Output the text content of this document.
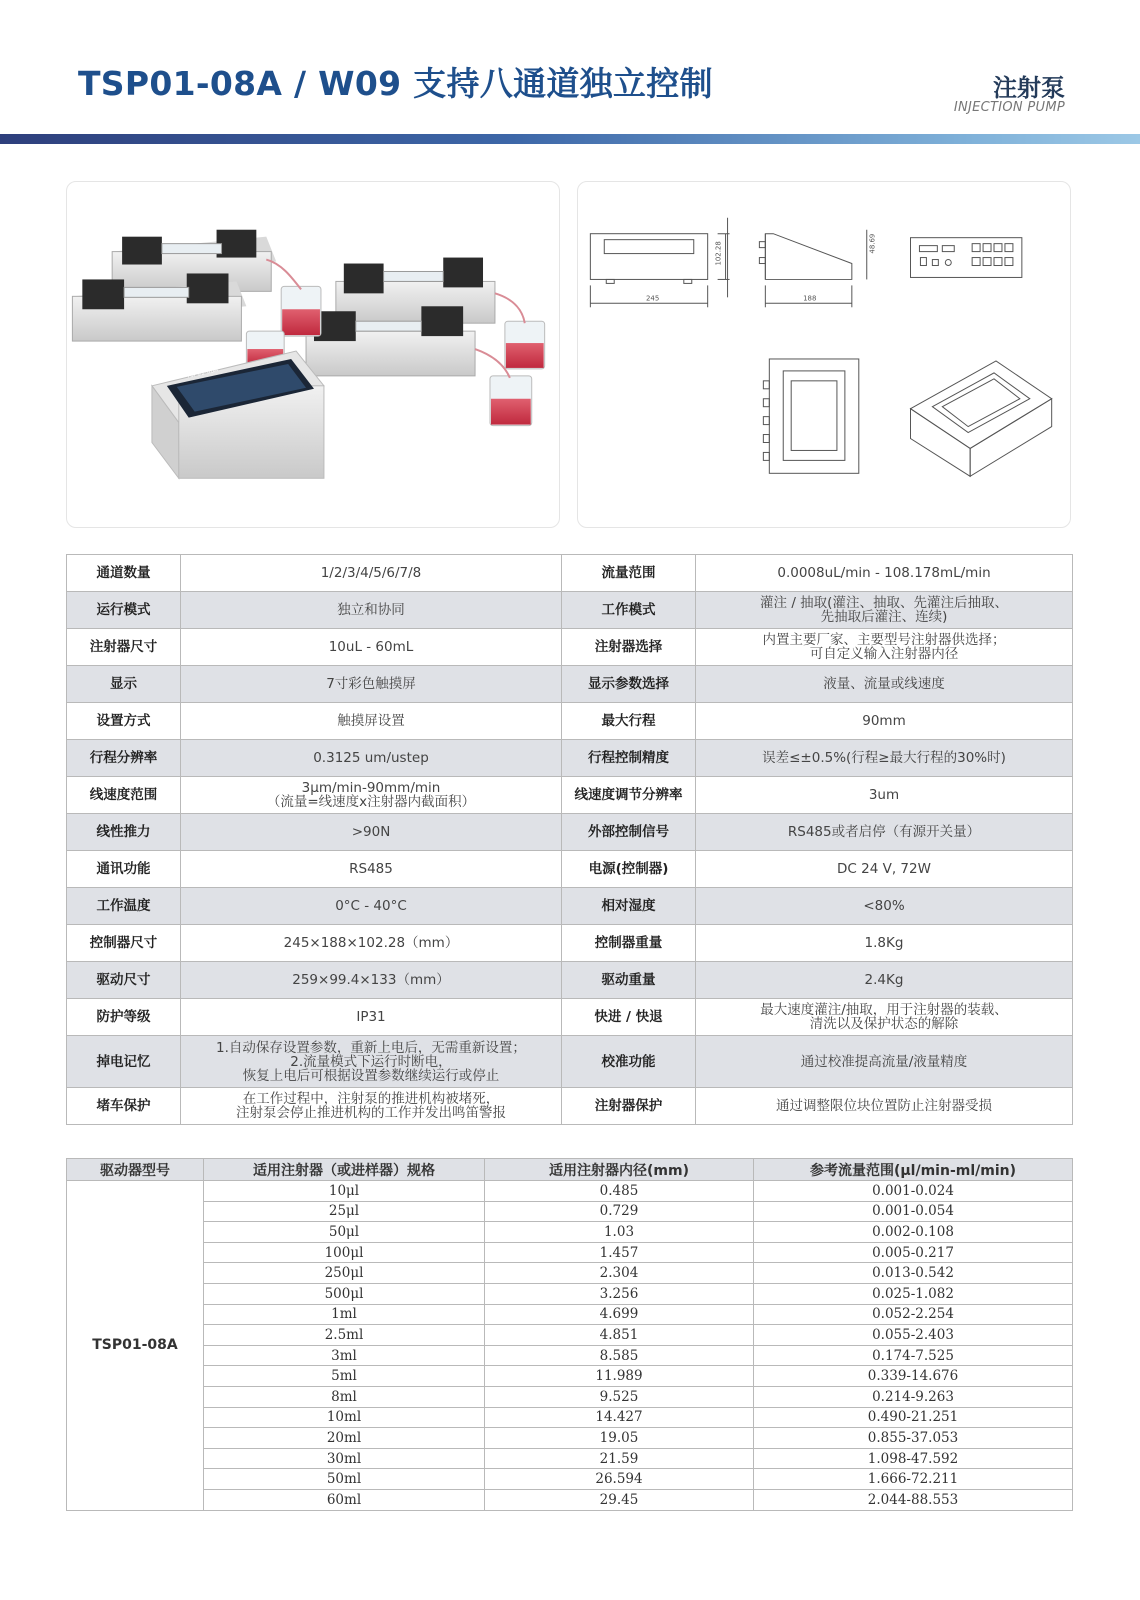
TSP01-08A / W09 支持八通道独立控制	注射泵
INJECTION PUMP
TSP01-08A
245
102.28
188
48.69
通道数量	1/2/3/4/5/6/7/8	流量范围	0.0008uL/min - 108.178mL/min
运行模式	独立和协同	工作模式	灌注 / 抽取(灌注、抽取、先灌注后抽取、
先抽取后灌注、连续)
注射器尺寸	10uL - 60mL	注射器选择	内置主要厂家、主要型号注射器供选择；
可自定义输入注射器内径
显示	7寸彩色触摸屏	显示参数选择	液量、流量或线速度
设置方式	触摸屏设置	最大行程	90mm
行程分辨率	0.3125 um/ustep	行程控制精度	误差≤±0.5%(行程≥最大行程的30%时)
线速度范围	3μm/min-90mm/min
（流量=线速度x注射器内截面积）	线速度调节分辨率	3um
线性推力	>90N	外部控制信号	RS485或者启停（有源开关量）
通讯功能	RS485	电源(控制器)	DC 24 V, 72W
工作温度	0°C - 40°C	相对湿度	<80%
控制器尺寸	245×188×102.28（mm）	控制器重量	1.8Kg
驱动尺寸	259×99.4×133（mm）	驱动重量	2.4Kg
防护等级	IP31	快进 / 快退	最大速度灌注/抽取，用于注射器的装载、
清洗以及保护状态的解除
掉电记忆	1.自动保存设置参数，重新上电后，无需重新设置；
2.流量模式下运行时断电，
恢复上电后可根据设置参数继续运行或停止	校准功能	通过校准提高流量/液量精度
堵车保护	在工作过程中，注射泵的推进机构被堵死，
注射泵会停止推进机构的工作并发出鸣笛警报	注射器保护	通过调整限位块位置防止注射器受损
驱动器型号	适用注射器（或进样器）规格	适用注射器内径(mm)	参考流量范围(μl/min-ml/min)
TSP01-08A	10μl	0.485	0.001-0.024
	25μl	0.729	0.001-0.054
	50μl	1.03	0.002-0.108
	100μl	1.457	0.005-0.217
	250μl	2.304	0.013-0.542
	500μl	3.256	0.025-1.082
	1ml	4.699	0.052-2.254
	2.5ml	4.851	0.055-2.403
	3ml	8.585	0.174-7.525
	5ml	11.989	0.339-14.676
	8ml	9.525	0.214-9.263
	10ml	14.427	0.490-21.251
	20ml	19.05	0.855-37.053
	30ml	21.59	1.098-47.592
	50ml	26.594	1.666-72.211
	60ml	29.45	2.044-88.553
